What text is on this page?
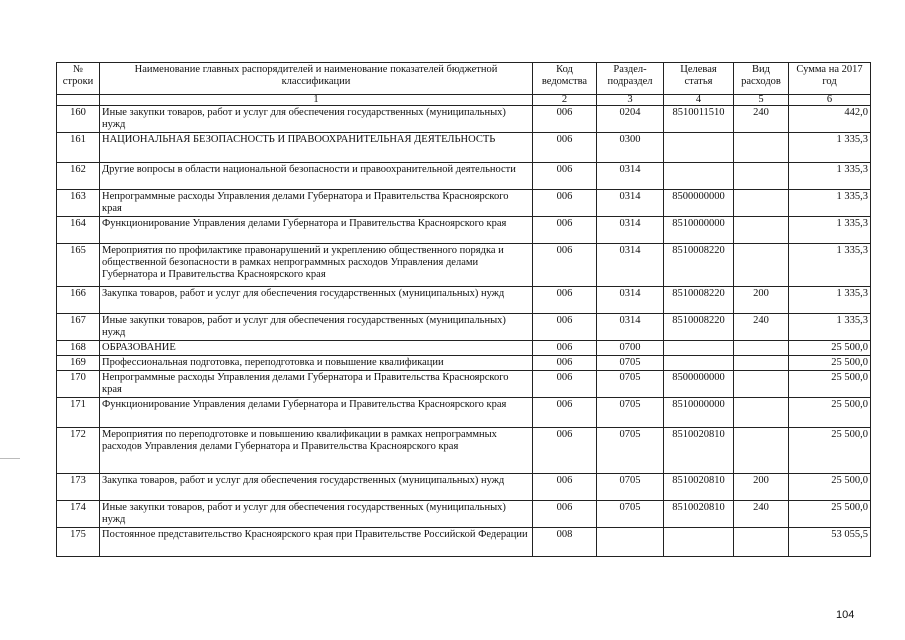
№ строки	Наименование главных распорядителей и наименование показателей бюджетной классификации	Код ведомства	Раздел-подраздел	Целевая статья	Вид расходов	Сумма на 2017 год
	1	2	3	4	5	6
160	Иные закупки товаров, работ и услуг для обеспечения государственных (муниципальных) нужд	006	0204	8510011510	240	442,0
161	НАЦИОНАЛЬНАЯ БЕЗОПАСНОСТЬ И ПРАВООХРАНИТЕЛЬНАЯ ДЕЯТЕЛЬНОСТЬ	006	0300			1 335,3
162	Другие вопросы в области национальной безопасности и правоохранительной деятельности	006	0314			1 335,3
163	Непрограммные расходы Управления делами Губернатора и Правительства Красноярского края	006	0314	8500000000		1 335,3
164	Функционирование Управления делами Губернатора и Правительства Красноярского края	006	0314	8510000000		1 335,3
165	Мероприятия по профилактике правонарушений и укреплению общественного порядка и общественной безопасности в рамках непрограммных расходов Управления делами Губернатора и Правительства Красноярского края	006	0314	8510008220		1 335,3
166	Закупка товаров, работ и услуг для обеспечения государственных (муниципальных) нужд	006	0314	8510008220	200	1 335,3
167	Иные закупки товаров, работ и услуг для обеспечения государственных (муниципальных) нужд	006	0314	8510008220	240	1 335,3
168	ОБРАЗОВАНИЕ	006	0700			25 500,0
169	Профессиональная подготовка, переподготовка и повышение квалификации	006	0705			25 500,0
170	Непрограммные расходы Управления делами Губернатора и Правительства Красноярского края	006	0705	8500000000		25 500,0
171	Функционирование Управления делами Губернатора и Правительства Красноярского края	006	0705	8510000000		25 500,0
172	Мероприятия по переподготовке и повышению квалификации в рамках непрограммных расходов Управления делами Губернатора и Правительства Красноярского края	006	0705	8510020810		25 500,0
173	Закупка товаров, работ и услуг для обеспечения государственных (муниципальных) нужд	006	0705	8510020810	200	25 500,0
174	Иные закупки товаров, работ и услуг для обеспечения государственных (муниципальных) нужд	006	0705	8510020810	240	25 500,0
175	Постоянное представительство Красноярского края при Правительстве Российской Федерации	008				53 055,5
104
